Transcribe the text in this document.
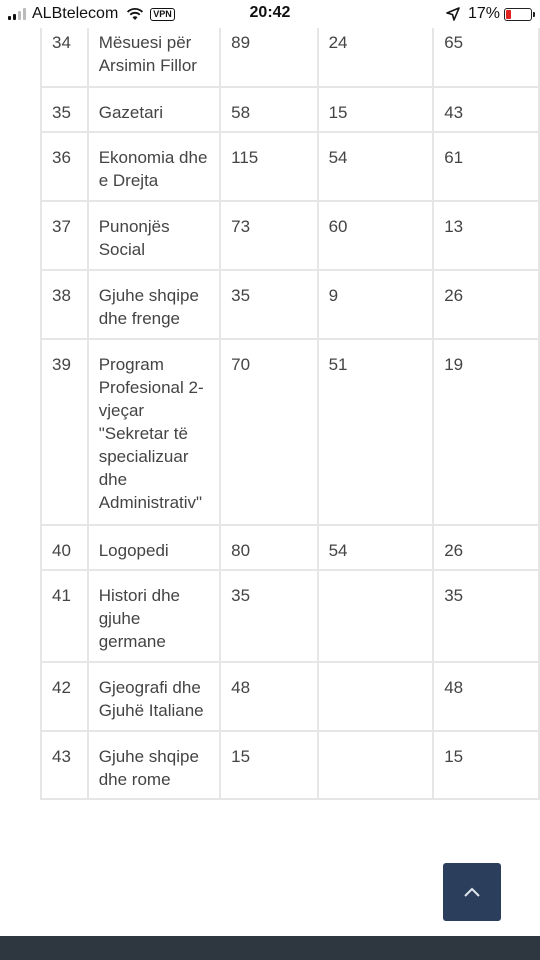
34	Mësuesi për Arsimin Fillor	89	24	65
35	Gazetari	58	15	43
36	Ekonomia dhe e Drejta	115	54	61
37	Punonjës Social	73	60	13
38	Gjuhe shqipe dhe frenge	35	9	26
39	Program Profesional 2-vjeçar "Sekretar të specializuar dhe Administrativ"	70	51	19
40	Logopedi	80	54	26
41	Histori dhe gjuhe germane	35		35
42	Gjeografi dhe Gjuhë Italiane	48		48
43	Gjuhe shqipe dhe rome	15		15
ALBtelecom	VPN	20:42	17%
